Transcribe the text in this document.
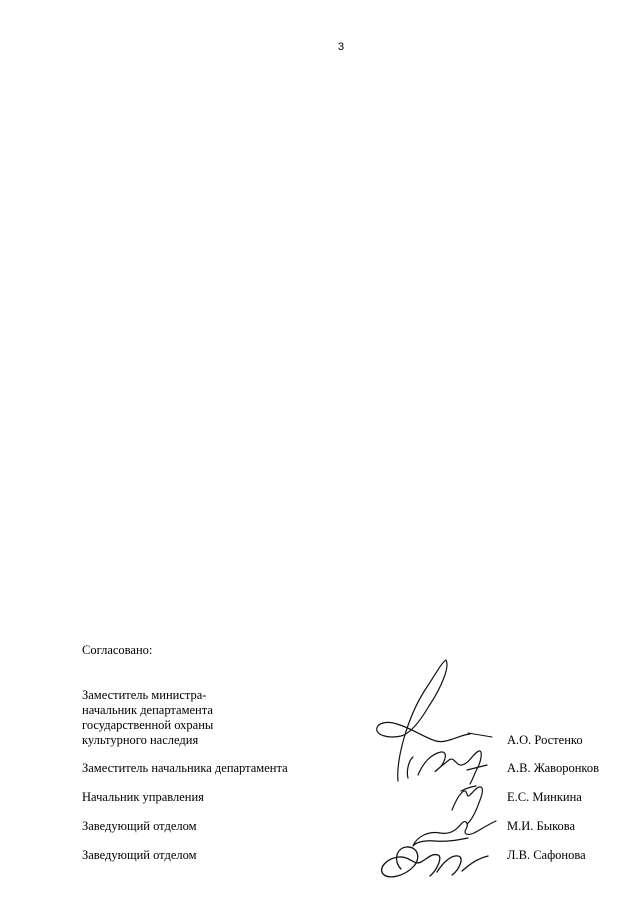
3
Согласовано:
Заместитель министра-
начальник департамента
государственной охраны
культурного наследия	А.О. Ростенко
Заместитель начальника департамента	А.В. Жаворонков
Начальник управления	Е.С. Минкина
Заведующий отделом	М.И. Быкова
Заведующий отделом	Л.В. Сафонова
